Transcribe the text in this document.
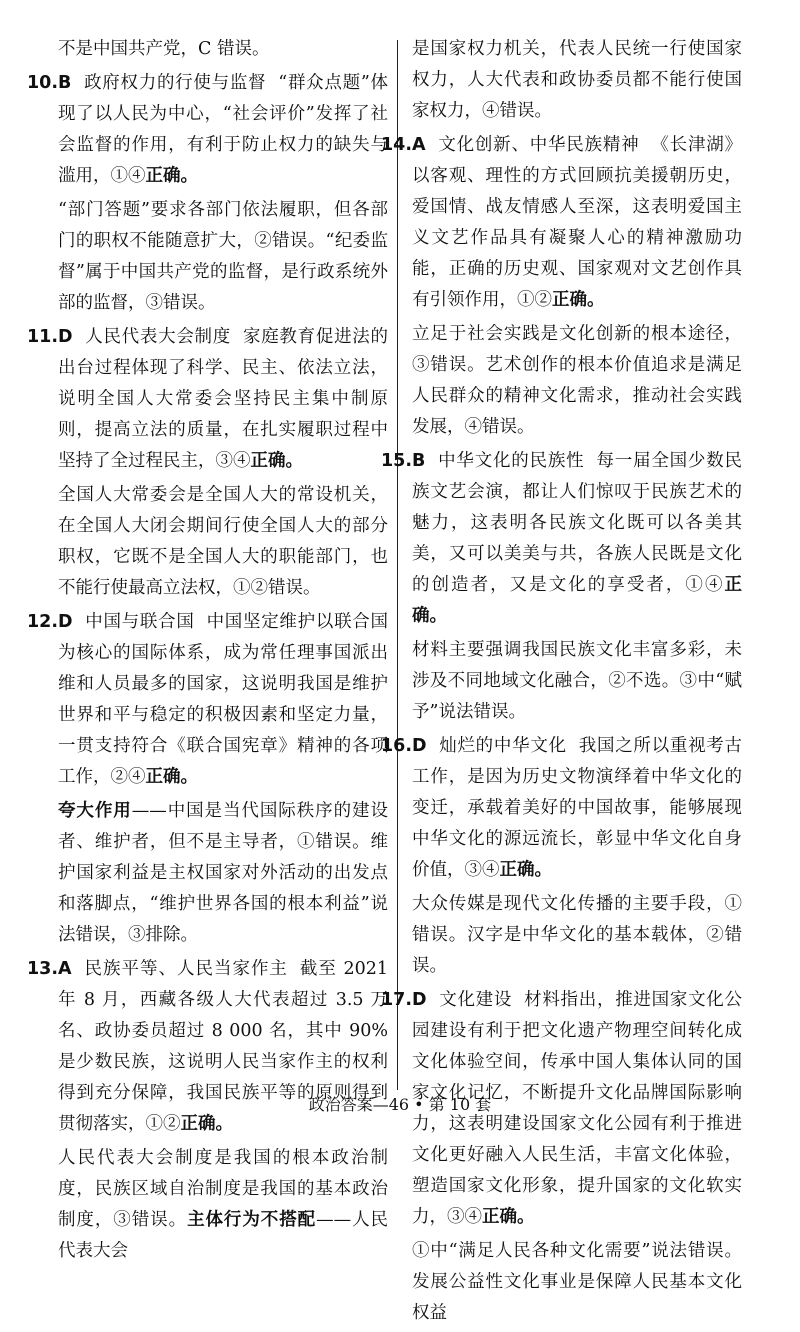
不是中国共产党，C 错误。

10.B 政府权力的行使与监督 “群众点题”体现了以人民为中心，“社会评价”发挥了社会监督的作用，有利于防止权力的缺失与滥用，①④正确。

“部门答题”要求各部门依法履职，但各部门的职权不能随意扩大，②错误。“纪委监督”属于中国共产党的监督，是行政系统外部的监督，③错误。

11.D 人民代表大会制度 家庭教育促进法的出台过程体现了科学、民主、依法立法，说明全国人大常委会坚持民主集中制原则，提高立法的质量，在扎实履职过程中坚持了全过程民主，③④正确。

全国人大常委会是全国人大的常设机关，在全国人大闭会期间行使全国人大的部分职权，它既不是全国人大的职能部门，也不能行使最高立法权，①②错误。

12.D 中国与联合国 中国坚定维护以联合国为核心的国际体系，成为常任理事国派出维和人员最多的国家，这说明我国是维护世界和平与稳定的积极因素和坚定力量，一贯支持符合《联合国宪章》精神的各项工作，②④正确。

夸大作用——中国是当代国际秩序的建设者、维护者，但不是主导者，①错误。维护国家利益是主权国家对外活动的出发点和落脚点，“维护世界各国的根本利益”说法错误，③排除。

13.A 民族平等、人民当家作主 截至 2021 年 8 月，西藏各级人大代表超过 3.5 万名、政协委员超过 8 000 名，其中 90% 是少数民族，这说明人民当家作主的权利得到充分保障，我国民族平等的原则得到贯彻落实，①②正确。

人民代表大会制度是我国的根本政治制度，民族区域自治制度是我国的基本政治制度，③错误。主体行为不搭配——人民代表大会

是国家权力机关，代表人民统一行使国家权力，人大代表和政协委员都不能行使国家权力，④错误。

14.A 文化创新、中华民族精神 《长津湖》以客观、理性的方式回顾抗美援朝历史，爱国情、战友情感人至深，这表明爱国主义文艺作品具有凝聚人心的精神激励功能，正确的历史观、国家观对文艺创作具有引领作用，①②正确。

立足于社会实践是文化创新的根本途径，③错误。艺术创作的根本价值追求是满足人民群众的精神文化需求，推动社会实践发展，④错误。

15.B 中华文化的民族性 每一届全国少数民族文艺会演，都让人们惊叹于民族艺术的魅力，这表明各民族文化既可以各美其美，又可以美美与共，各族人民既是文化的创造者，又是文化的享受者，①④正确。

材料主要强调我国民族文化丰富多彩，未涉及不同地域文化融合，②不选。③中“赋予”说法错误。

16.D 灿烂的中华文化 我国之所以重视考古工作，是因为历史文物演绎着中华文化的变迁，承载着美好的中国故事，能够展现中华文化的源远流长，彰显中华文化自身价值，③④正确。

大众传媒是现代文化传播的主要手段，①错误。汉字是中华文化的基本载体，②错误。

17.D 文化建设 材料指出，推进国家文化公园建设有利于把文化遗产物理空间转化成文化体验空间，传承中国人集体认同的国家文化记忆，不断提升文化品牌国际影响力，这表明建设国家文化公园有利于推进文化更好融入人民生活，丰富文化体验，塑造国家文化形象，提升国家的文化软实力，③④正确。

①中“满足人民各种文化需要”说法错误。发展公益性文化事业是保障人民基本文化权益

政治答案—46 • 第 10 套
